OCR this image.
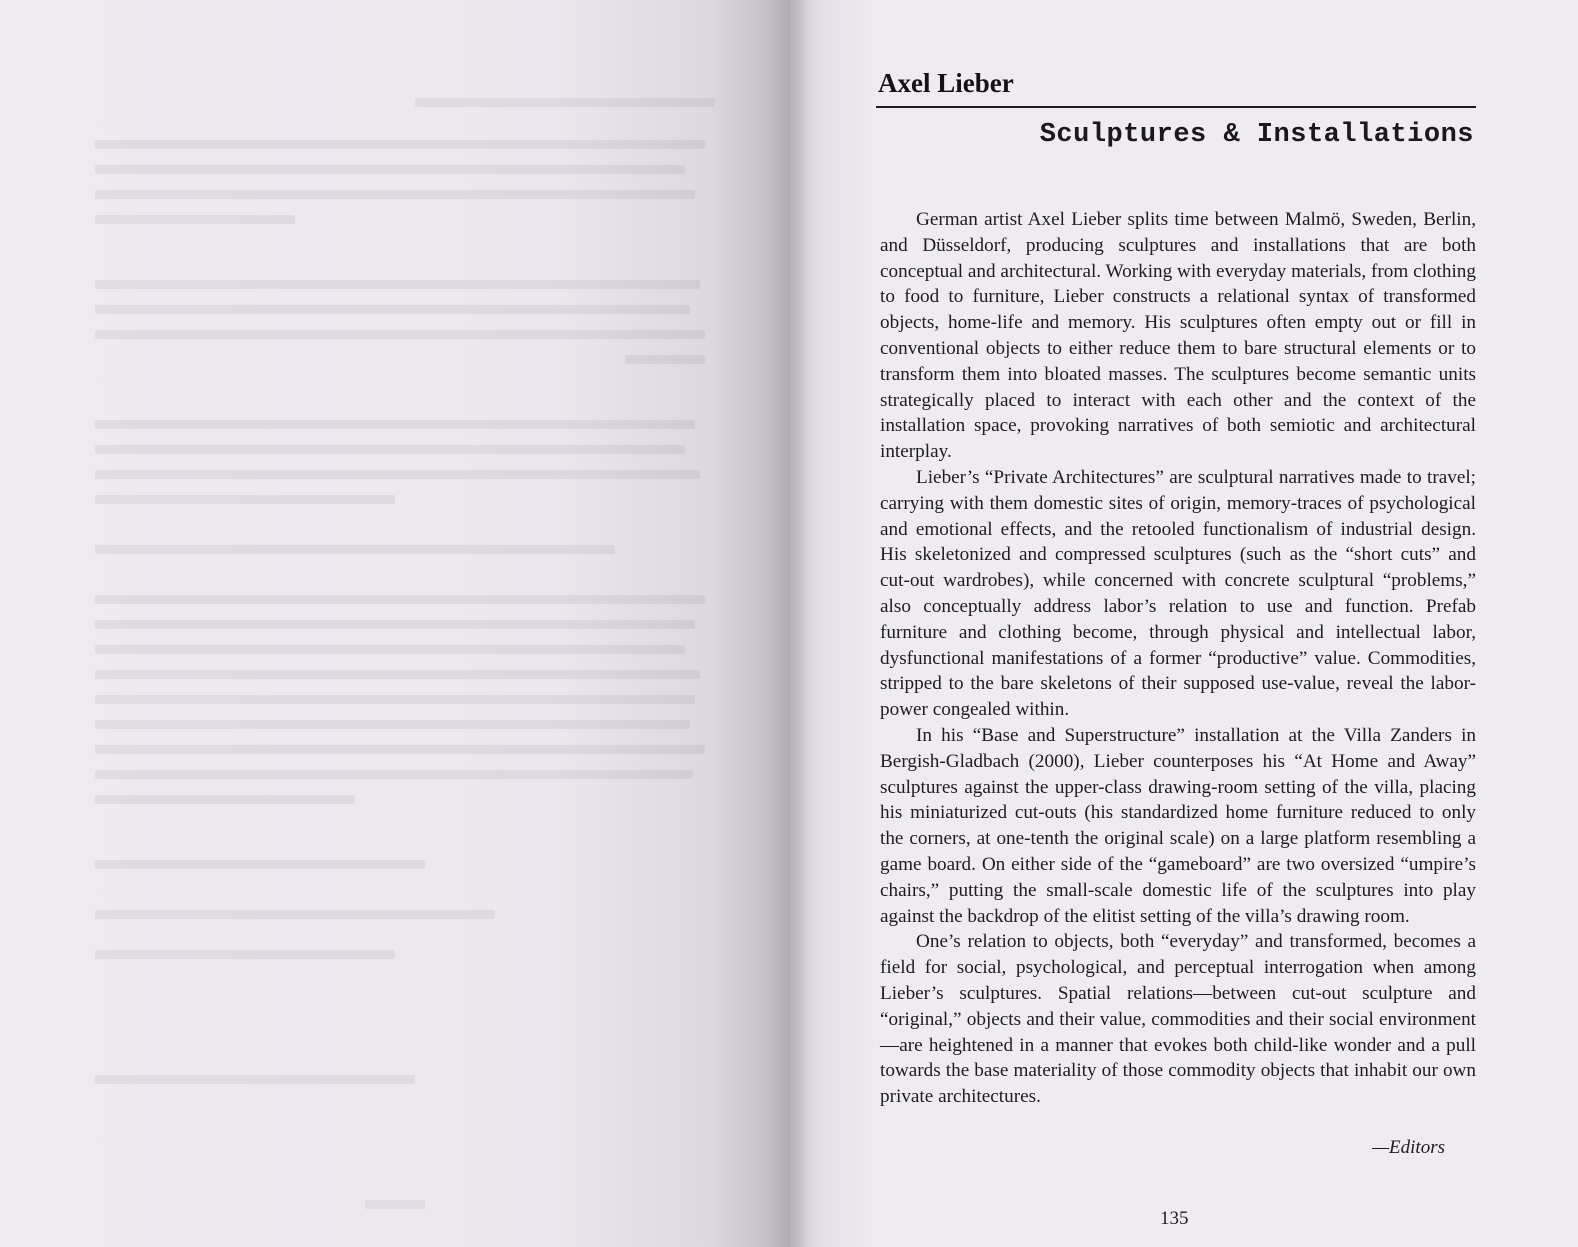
Axel Lieber
Sculptures & Installations

German artist Axel Lieber splits time between Malmö, Sweden, Berlin, and Düsseldorf, producing sculptures and installations that are both conceptual and architectural. Working with everyday materials, from clothing to food to furniture, Lieber constructs a relational syntax of transformed objects, home-life and memory. His sculptures often empty out or fill in conventional objects to either reduce them to bare structural elements or to transform them into bloated masses. The sculptures become semantic units strategically placed to interact with each other and the context of the installation space, provoking narratives of both semiotic and architectural interplay.

Lieber’s “Private Architectures” are sculptural narratives made to travel; carrying with them domestic sites of origin, memory-traces of psychological and emotional effects, and the retooled functionalism of industrial design. His skeletonized and compressed sculptures (such as the “short cuts” and cut-out wardrobes), while concerned with concrete sculptural “problems,” also conceptually address labor’s relation to use and function. Prefab furniture and clothing become, through physical and intellectual labor, dysfunctional manifestations of a former “productive” value. Commodities, stripped to the bare skeletons of their supposed use-value, reveal the labor-power congealed within.

In his “Base and Superstructure” installation at the Villa Zanders in Bergish-Gladbach (2000), Lieber counterposes his “At Home and Away” sculptures against the upper-class drawing-room setting of the villa, placing his miniaturized cut-outs (his standardized home furniture reduced to only the corners, at one-tenth the original scale) on a large platform resembling a game board. On either side of the “gameboard” are two oversized “umpire’s chairs,” putting the small-scale domestic life of the sculptures into play against the backdrop of the elitist setting of the villa’s drawing room.

One’s relation to objects, both “everyday” and transformed, becomes a field for social, psychological, and perceptual interrogation when among Lieber’s sculptures. Spatial relations—between cut-out sculpture and “original,” objects and their value, commodities and their social environment—are heightened in a manner that evokes both child-like wonder and a pull towards the base materiality of those commodity objects that inhabit our own private architectures.

—Editors
135
